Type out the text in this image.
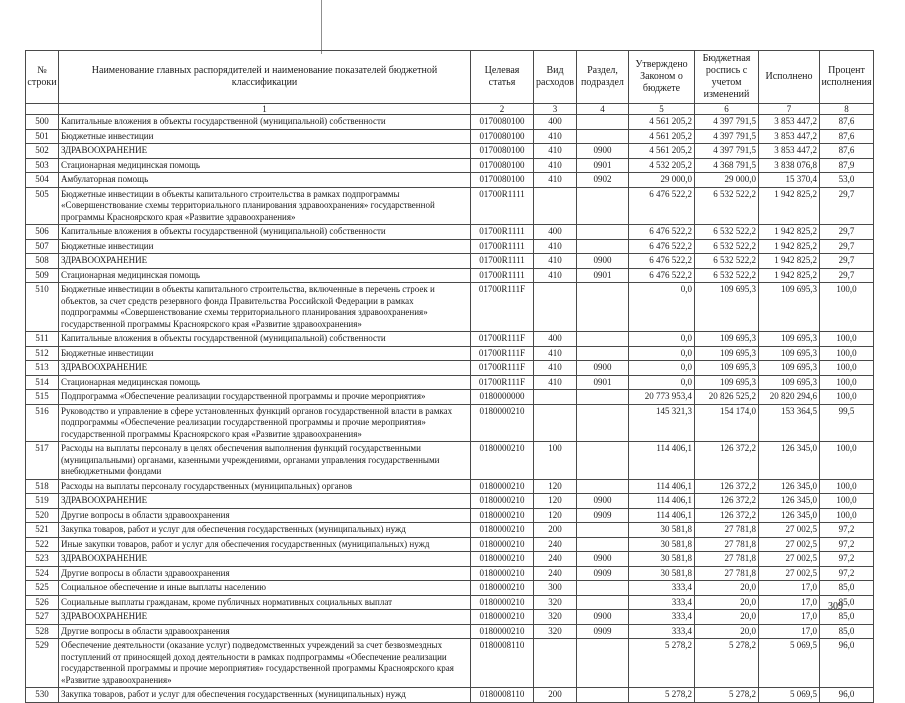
№ строки	Наименование главных распорядителей и наименование показателей бюджетной классификации	Целевая статья	Вид расходов	Раздел, подраздел	Утверждено Законом о бюджете	Бюджетная роспись с учетом изменений	Исполнено	Процент исполнения
	1	2	3	4	5	6	7	8
500	Капитальные вложения в объекты государственной (муниципальной) собственности	0170080100	400		4 561 205,2	4 397 791,5	3 853 447,2	87,6
501	Бюджетные инвестиции	0170080100	410		4 561 205,2	4 397 791,5	3 853 447,2	87,6
502	ЗДРАВООХРАНЕНИЕ	0170080100	410	0900	4 561 205,2	4 397 791,5	3 853 447,2	87,6
503	Стационарная медицинская помощь	0170080100	410	0901	4 532 205,2	4 368 791,5	3 838 076,8	87,9
504	Амбулаторная помощь	0170080100	410	0902	29 000,0	29 000,0	15 370,4	53,0
505	Бюджетные инвестиции в объекты капитального строительства в рамках подпрограммы «Совершенствование схемы территориального планирования здравоохранения» государственной программы Красноярского края «Развитие здравоохранения»	01700R1111			6 476 522,2	6 532 522,2	1 942 825,2	29,7
506	Капитальные вложения в объекты государственной (муниципальной) собственности	01700R1111	400		6 476 522,2	6 532 522,2	1 942 825,2	29,7
507	Бюджетные инвестиции	01700R1111	410		6 476 522,2	6 532 522,2	1 942 825,2	29,7
508	ЗДРАВООХРАНЕНИЕ	01700R1111	410	0900	6 476 522,2	6 532 522,2	1 942 825,2	29,7
509	Стационарная медицинская помощь	01700R1111	410	0901	6 476 522,2	6 532 522,2	1 942 825,2	29,7
510	Бюджетные инвестиции в объекты капитального строительства, включенные в перечень строек и объектов, за счет средств резервного фонда Правительства Российской Федерации в рамках подпрограммы «Совершенствование схемы территориального планирования здравоохранения» государственной программы Красноярского края «Развитие здравоохранения»	01700R111F			0,0	109 695,3	109 695,3	100,0
511	Капитальные вложения в объекты государственной (муниципальной) собственности	01700R111F	400		0,0	109 695,3	109 695,3	100,0
512	Бюджетные инвестиции	01700R111F	410		0,0	109 695,3	109 695,3	100,0
513	ЗДРАВООХРАНЕНИЕ	01700R111F	410	0900	0,0	109 695,3	109 695,3	100,0
514	Стационарная медицинская помощь	01700R111F	410	0901	0,0	109 695,3	109 695,3	100,0
515	Подпрограмма «Обеспечение реализации государственной программы и прочие мероприятия»	0180000000			20 773 953,4	20 826 525,2	20 820 294,6	100,0
516	Руководство и управление в сфере установленных функций органов государственной власти в рамках подпрограммы «Обеспечение реализации государственной программы и прочие мероприятия» государственной программы Красноярского края «Развитие здравоохранения»	0180000210			145 321,3	154 174,0	153 364,5	99,5
517	Расходы на выплаты персоналу в целях обеспечения выполнения функций государственными (муниципальными) органами, казенными учреждениями, органами управления государственными внебюджетными фондами	0180000210	100		114 406,1	126 372,2	126 345,0	100,0
518	Расходы на выплаты персоналу государственных (муниципальных) органов	0180000210	120		114 406,1	126 372,2	126 345,0	100,0
519	ЗДРАВООХРАНЕНИЕ	0180000210	120	0900	114 406,1	126 372,2	126 345,0	100,0
520	Другие вопросы в области здравоохранения	0180000210	120	0909	114 406,1	126 372,2	126 345,0	100,0
521	Закупка товаров, работ и услуг для обеспечения государственных (муниципальных) нужд	0180000210	200		30 581,8	27 781,8	27 002,5	97,2
522	Иные закупки товаров, работ и услуг для обеспечения государственных (муниципальных) нужд	0180000210	240		30 581,8	27 781,8	27 002,5	97,2
523	ЗДРАВООХРАНЕНИЕ	0180000210	240	0900	30 581,8	27 781,8	27 002,5	97,2
524	Другие вопросы в области здравоохранения	0180000210	240	0909	30 581,8	27 781,8	27 002,5	97,2
525	Социальное обеспечение и иные выплаты населению	0180000210	300		333,4	20,0	17,0	85,0
526	Социальные выплаты гражданам, кроме публичных нормативных социальных выплат	0180000210	320		333,4	20,0	17,0	85,0
527	ЗДРАВООХРАНЕНИЕ	0180000210	320	0900	333,4	20,0	17,0	85,0
528	Другие вопросы в области здравоохранения	0180000210	320	0909	333,4	20,0	17,0	85,0
529	Обеспечение деятельности (оказание услуг) подведомственных учреждений за счет безвозмездных поступлений от приносящей доход деятельности в рамках подпрограммы «Обеспечение реализации государственной программы и прочие мероприятия» государственной программы Красноярского края «Развитие здравоохранения»	0180008110			5 278,2	5 278,2	5 069,5	96,0
530	Закупка товаров, работ и услуг для обеспечения государственных (муниципальных) нужд	0180008110	200		5 278,2	5 278,2	5 069,5	96,0
309
